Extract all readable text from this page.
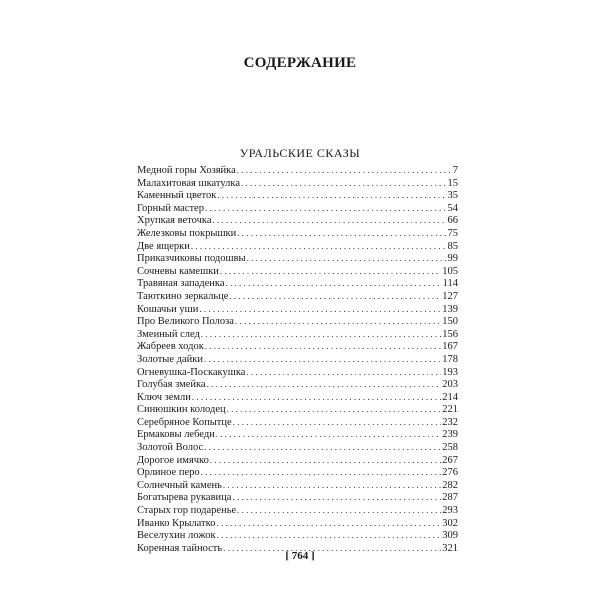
СОДЕРЖАНИЕ
УРАЛЬСКИЕ СКАЗЫ
Медной горы Хозяйка . . .	7
Малахитовая шкатулка . . .	15
Каменный цветок . . .	35
Горный мастер . . .	54
Хрупкая веточка . . .	66
Железковы покрышки . . .	75
Две ящерки . . .	85
Приказчиковы подошвы . . .	99
Сочневы камешки . . .	105
Травяная западенка . . .	114
Таюткино зеркальце . . .	127
Кошачьи уши . . .	139
Про Великого Полоза . . .	150
Змеиный след . . .	156
Жабреев ходок . . .	167
Золотые дайки . . .	178
Огневушка-Поскакушка . . .	193
Голубая змейка . . .	203
Ключ земли . . .	214
Синюшкин колодец . . .	221
Серебряное Копытце . . .	232
Ермаковы лебеди . . .	239
Золотой Волос . . .	258
Дорогое имячко . . .	267
Орлиное перо . . .	276
Солнечный камень . . .	282
Богатырева рукавица . . .	287
Старых гор подаренье . . .	293
Иванко Крылатко . . .	302
Веселухин ложок . . .	309
Коренная тайность . . .	321
[ 764 ]
